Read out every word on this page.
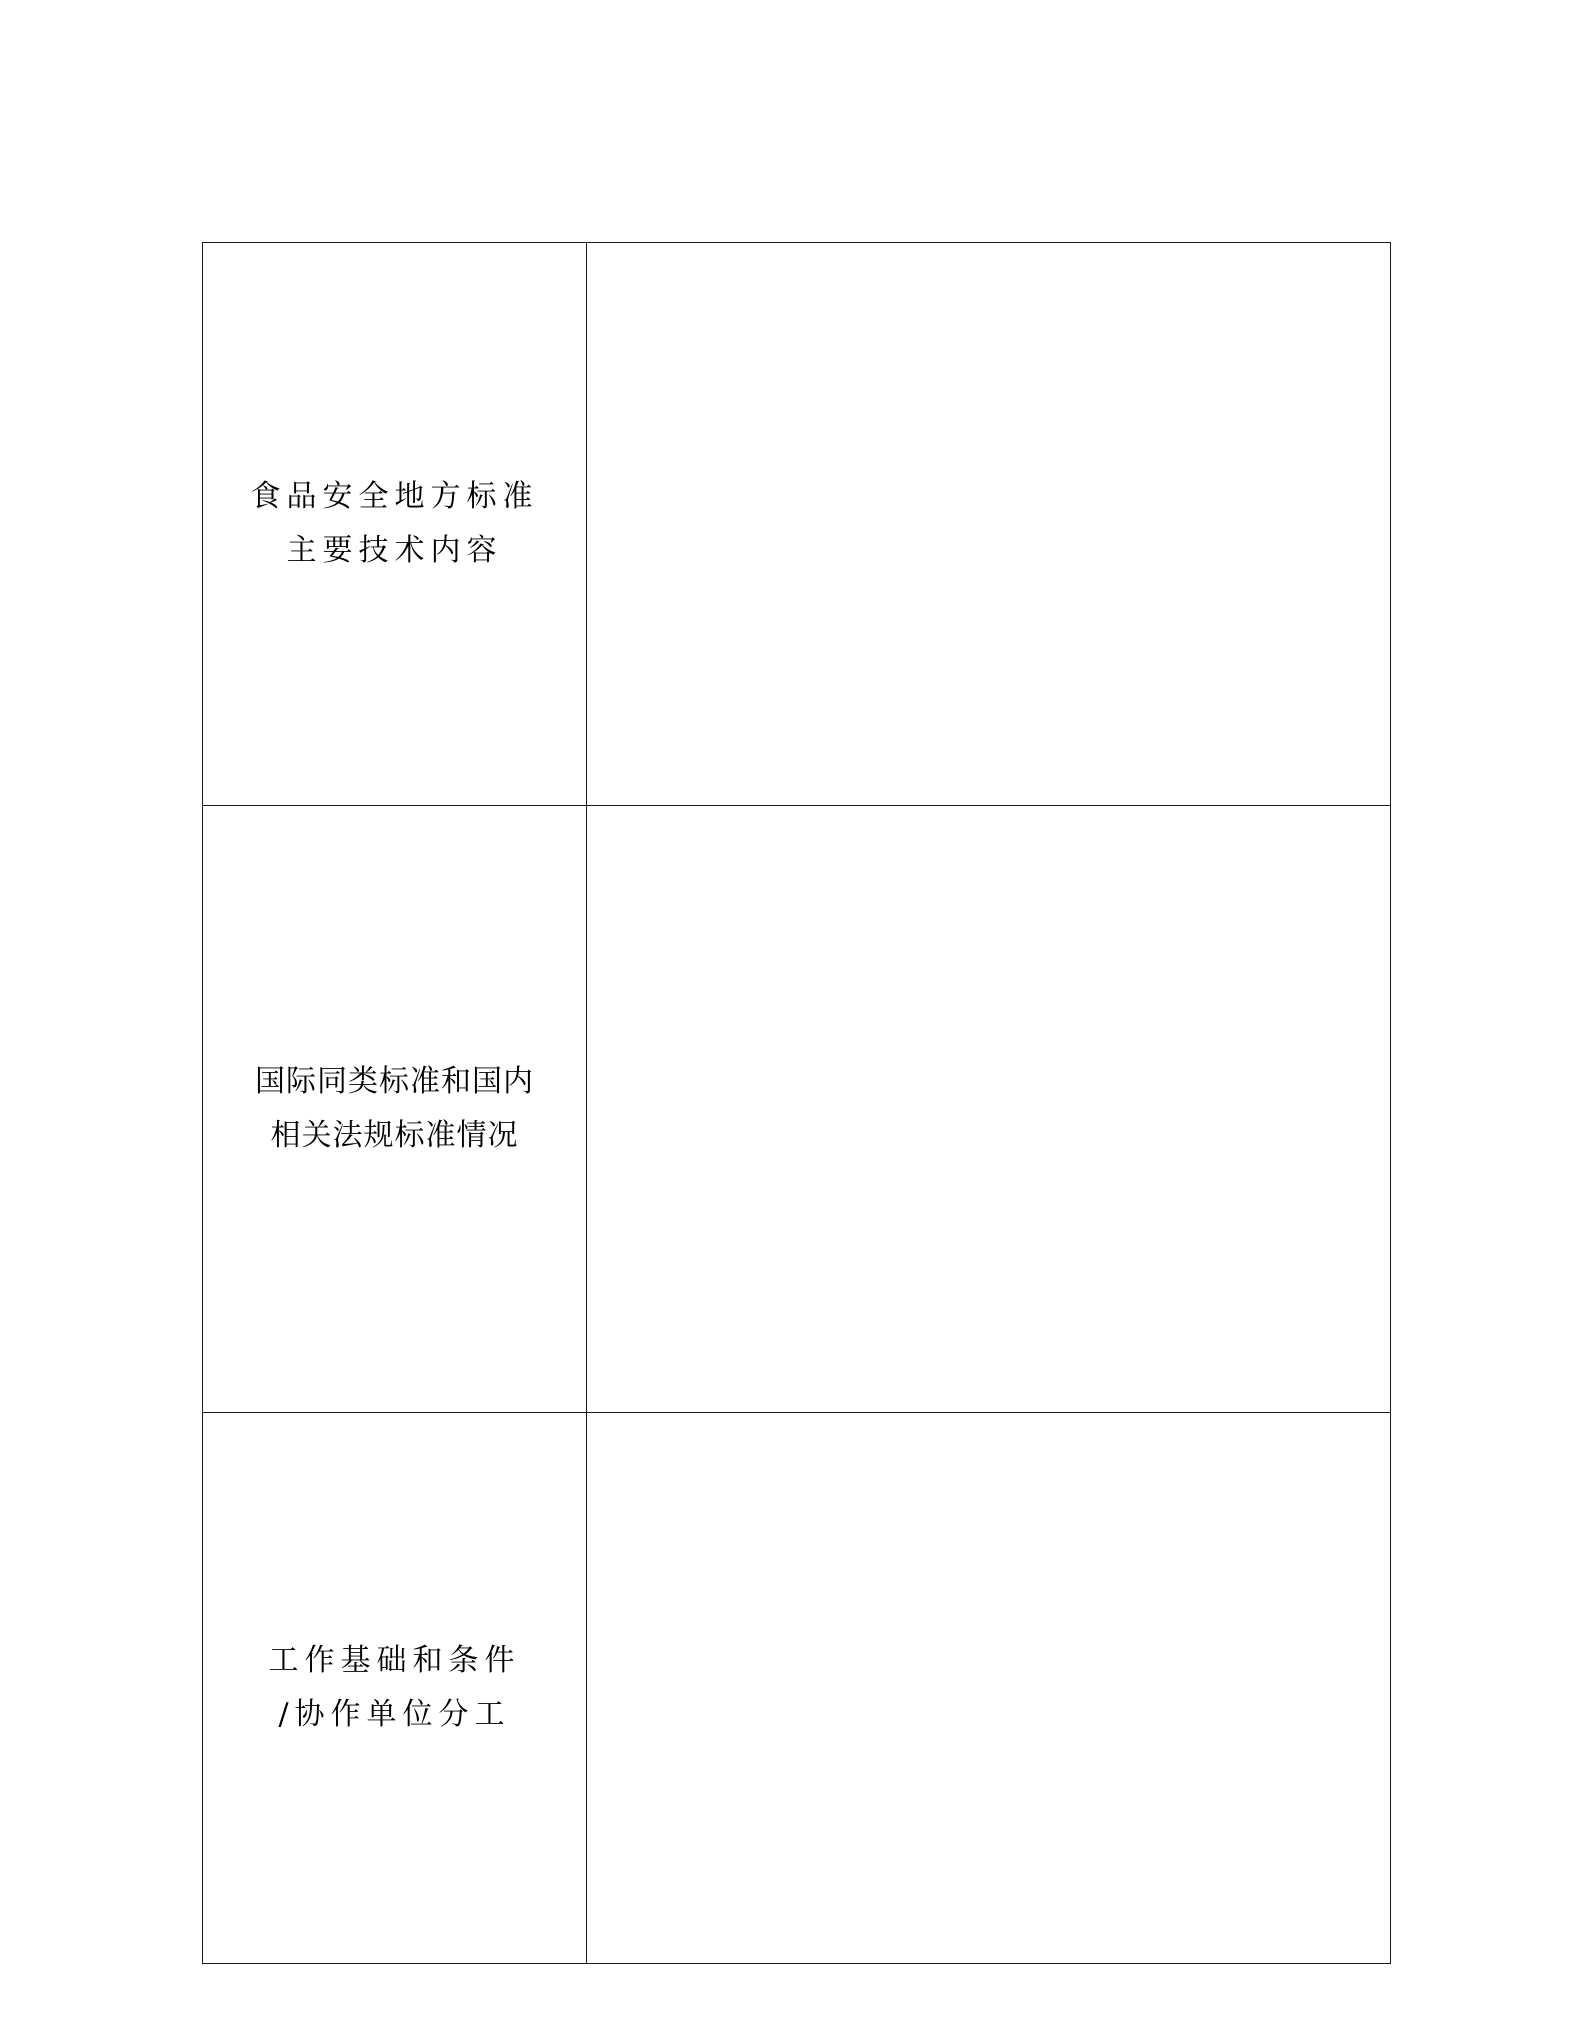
食品安全地方标准
主要技术内容	

国际同类标准和国内
相关法规标准情况	

工作基础和条件
/协作单位分工	
